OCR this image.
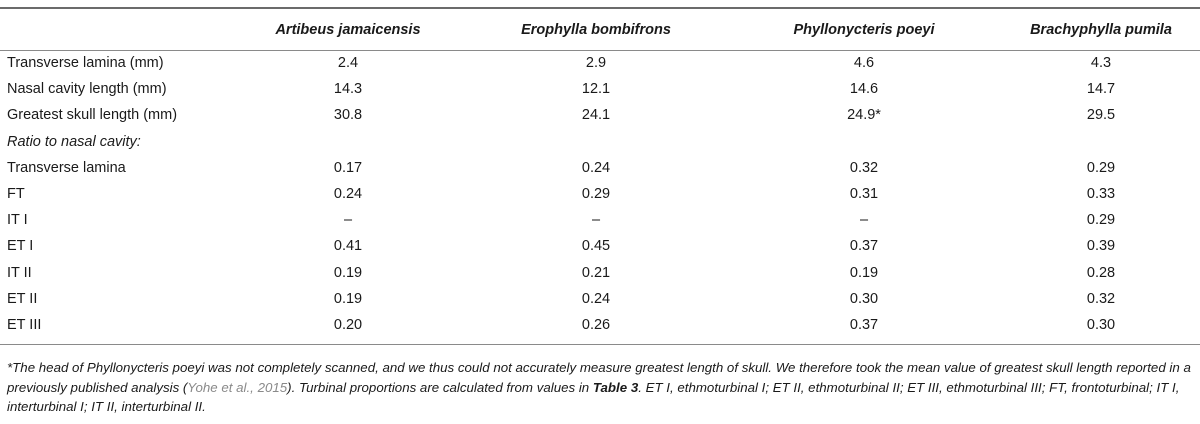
	Artibeus jamaicensis	Erophylla bombifrons	Phyllonycteris poeyi	Brachyphylla pumila
Transverse lamina (mm)	2.4	2.9	4.6	4.3
Nasal cavity length (mm)	14.3	12.1	14.6	14.7
Greatest skull length (mm)	30.8	24.1	24.9*	29.5
Ratio to nasal cavity:				
Transverse lamina	0.17	0.24	0.32	0.29
FT	0.24	0.29	0.31	0.33
IT I	–	–	–	0.29
ET I	0.41	0.45	0.37	0.39
IT II	0.19	0.21	0.19	0.28
ET II	0.19	0.24	0.30	0.32
ET III	0.20	0.26	0.37	0.30
*The head of Phyllonycteris poeyi was not completely scanned, and we thus could not accurately measure greatest length of skull. We therefore took the mean value of greatest skull length reported in a previously published analysis (Yohe et al., 2015). Turbinal proportions are calculated from values in Table 3. ET I, ethmoturbinal I; ET II, ethmoturbinal II; ET III, ethmoturbinal III; FT, frontoturbinal; IT I, interturbinal I; IT II, interturbinal II.
